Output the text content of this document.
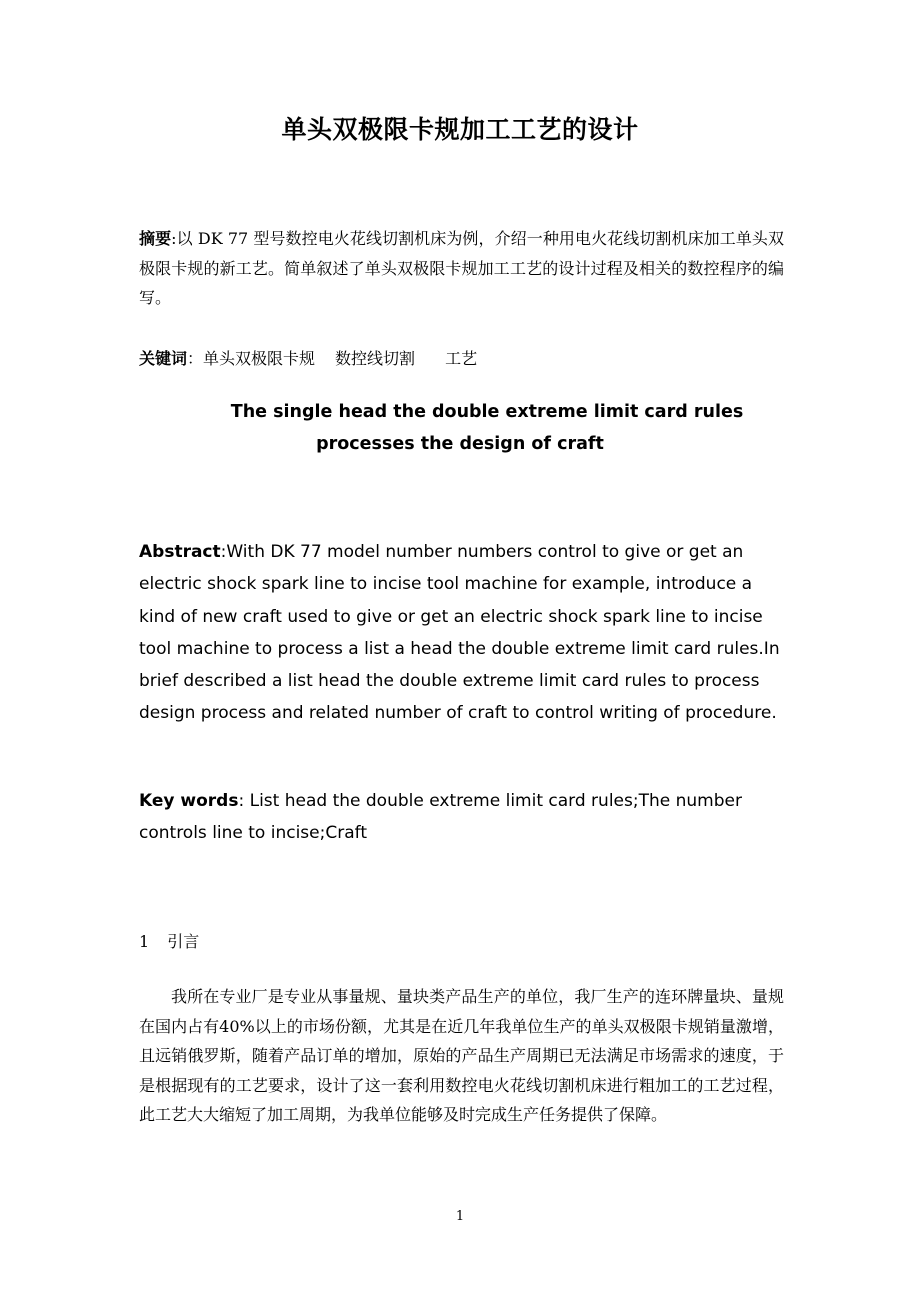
单头双极限卡规加工工艺的设计
摘要:以 DK 77 型号数控电火花线切割机床为例，介绍一种用电火花线切割机床加工单头双极限卡规的新工艺。简单叙述了单头双极限卡规加工工艺的设计过程及相关的数控程序的编写。
关键词：单头双极限卡规 数控线切割 工艺
The single head the double extreme limit card rules
processes the design of craft
Abstract:With DK 77 model number numbers control to give or get an electric shock spark line to incise tool machine for example, introduce a kind of new craft used to give or get an electric shock spark line to incise tool machine to process a list a head the double extreme limit card rules.In brief described a list head the double extreme limit card rules to process design process and related number of craft to control writing of procedure.
Key words: List head the double extreme limit card rules;The number controls line to incise;Craft
1 引言
我所在专业厂是专业从事量规、量块类产品生产的单位，我厂生产的连环牌量块、量规在国内占有40%以上的市场份额，尤其是在近几年我单位生产的单头双极限卡规销量激增，且远销俄罗斯，随着产品订单的增加，原始的产品生产周期已无法满足市场需求的速度，于是根据现有的工艺要求，设计了这一套利用数控电火花线切割机床进行粗加工的工艺过程，此工艺大大缩短了加工周期，为我单位能够及时完成生产任务提供了保障。
1
